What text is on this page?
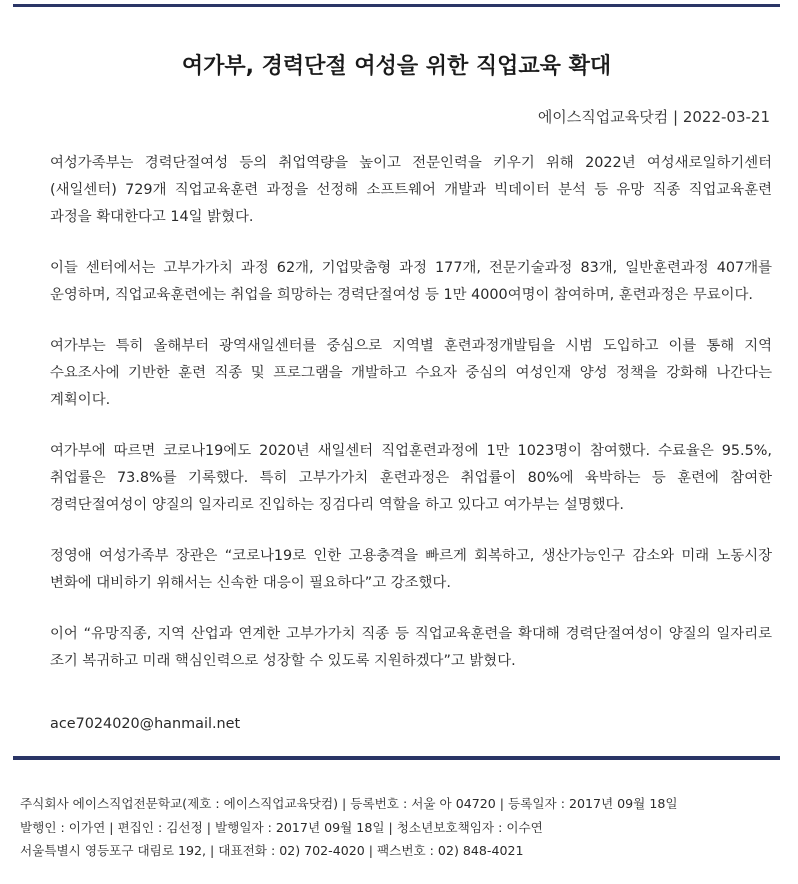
여가부, 경력단절 여성을 위한 직업교육 확대
에이스직업교육닷컴 | 2022-03-21

여성가족부는 경력단절여성 등의 취업역량을 높이고 전문인력을 키우기 위해 2022년 여성새로일하기센터(새일센터) 729개 직업교육훈련 과정을 선정해 소프트웨어 개발과 빅데이터 분석 등 유망 직종 직업교육훈련 과정을 확대한다고 14일 밝혔다.

이들 센터에서는 고부가가치 과정 62개, 기업맞춤형 과정 177개, 전문기술과정 83개, 일반훈련과정 407개를 운영하며, 직업교육훈련에는 취업을 희망하는 경력단절여성 등 1만 4000여명이 참여하며, 훈련과정은 무료이다.

여가부는 특히 올해부터 광역새일센터를 중심으로 지역별 훈련과정개발팀을 시범 도입하고 이를 통해 지역 수요조사에 기반한 훈련 직종 및 프로그램을 개발하고 수요자 중심의 여성인재 양성 정책을 강화해 나간다는 계획이다.

여가부에 따르면 코로나19에도 2020년 새일센터 직업훈련과정에 1만 1023명이 참여했다. 수료율은 95.5%, 취업률은 73.8%를 기록했다. 특히 고부가가치 훈련과정은 취업률이 80%에 육박하는 등 훈련에 참여한 경력단절여성이 양질의 일자리로 진입하는 징검다리 역할을 하고 있다고 여가부는 설명했다.

정영애 여성가족부 장관은 “코로나19로 인한 고용충격을 빠르게 회복하고, 생산가능인구 감소와 미래 노동시장 변화에 대비하기 위해서는 신속한 대응이 필요하다”고 강조했다.

이어 “유망직종, 지역 산업과 연계한 고부가가치 직종 등 직업교육훈련을 확대해 경력단절여성이 양질의 일자리로 조기 복귀하고 미래 핵심인력으로 성장할 수 있도록 지원하겠다”고 밝혔다.

ace7024020@hanmail.net
주식회사 에이스직업전문학교(제호 : 에이스직업교육닷컴) | 등록번호 : 서울 아 04720 | 등록일자 : 2017년 09월 18일
발행인 : 이가연 | 편집인 : 김선정 | 발행일자 : 2017년 09월 18일 | 청소년보호책임자 : 이수연
서울특별시 영등포구 대림로 192, | 대표전화 : 02) 702-4020 | 팩스번호 : 02) 848-4021
